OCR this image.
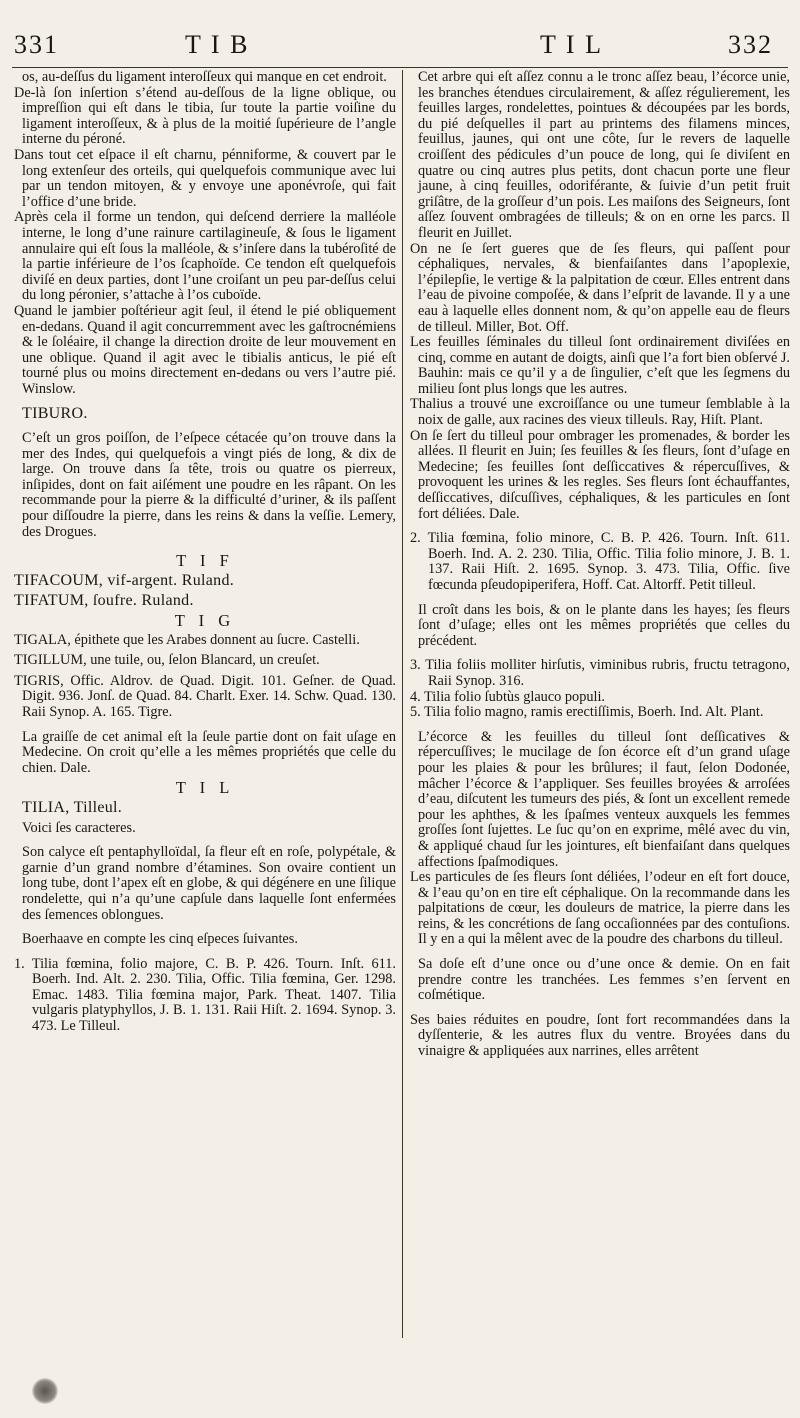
331	T I B	T I L	332

os, au-deſſus du ligament interoſſeux qui manque en cet endroit.

De-là ſon inſertion s’étend au-deſſous de la ligne oblique, ou impreſſion qui eſt dans le tibia, ſur toute la partie voiſine du ligament interoſſeux, & à plus de la moitié ſupérieure de l’angle interne du péroné.

Dans tout cet eſpace il eſt charnu, pénniforme, & couvert par le long extenſeur des orteils, qui quelquefois communique avec lui par un tendon mitoyen, & y envoye une aponévroſe, qui fait l’office d’une bride.

Après cela il forme un tendon, qui deſcend derriere la malléole interne, le long d’une rainure cartilagineuſe, & ſous le ligament annulaire qui eſt ſous la malléole, & s’inſere dans la tubéroſité de la partie inférieure de l’os ſcaphoïde. Ce tendon eſt quelquefois diviſé en deux parties, dont l’une croiſant un peu par-deſſus celui du long péronier, s’attache à l’os cuboïde.

Quand le jambier poſtérieur agit ſeul, il étend le pié obliquement en-dedans. Quand il agit concurremment avec les gaſtrocnémiens & le ſoléaire, il change la direction droite de leur mouvement en une oblique. Quand il agit avec le tibialis anticus, le pié eſt tourné plus ou moins directement en-dedans ou vers l’autre pié. Winslow.

TIBURO.

C’eſt un gros poiſſon, de l’eſpece cétacée qu’on trouve dans la mer des Indes, qui quelquefois a vingt piés de long, & dix de large. On trouve dans ſa tête, trois ou quatre os pierreux, inſipides, dont on fait aiſément une poudre en les râpant. On les recommande pour la pierre & la difficulté d’uriner, & ils paſſent pour diſſoudre la pierre, dans les reins & dans la veſſie. Lemery, des Drogues.

T I F

TIFACOUM, vif-argent. Ruland.

TIFATUM, ſoufre. Ruland.

T I G

TIGALA, épithete que les Arabes donnent au ſucre. Castelli.

TIGILLUM, une tuile, ou, ſelon Blancard, un creuſet.

TIGRIS, Offic. Aldrov. de Quad. Digit. 101. Geſner. de Quad. Digit. 936. Jonſ. de Quad. 84. Charlt. Exer. 14. Schw. Quad. 130. Raii Synop. A. 165. Tigre.

La graiſſe de cet animal eſt la ſeule partie dont on fait uſage en Medecine. On croit qu’elle a les mêmes propriétés que celle du chien. Dale.

T I L

TILIA, Tilleul.

Voici ſes caracteres.

Son calyce eſt pentaphylloïdal, ſa fleur eſt en roſe, polypétale, & garnie d’un grand nombre d’étamines. Son ovaire contient un long tube, dont l’apex eſt en globe, & qui dégénere en une ſilique rondelette, qui n’a qu’une capſule dans laquelle ſont enfermées des ſemences oblongues.

Boerhaave en compte les cinq eſpeces ſuivantes.

1. Tilia fœmina, folio majore, C. B. P. 426. Tourn. Inſt. 611. Boerh. Ind. Alt. 2. 230. Tilia, Offic. Tilia fœmina, Ger. 1298. Emac. 1483. Tilia fœmina major, Park. Theat. 1407. Tilia vulgaris platyphyllos, J. B. 1. 131. Raii Hiſt. 2. 1694. Synop. 3. 473. Le Tilleul.

Cet arbre qui eſt aſſez connu a le tronc aſſez beau, l’écorce unie, les branches étendues circulairement, & aſſez régulierement, les feuilles larges, rondelettes, pointues & découpées par les bords, du pié deſquelles il part au printems des filamens minces, feuillus, jaunes, qui ont une côte, ſur le revers de laquelle croiſſent des pédicules d’un pouce de long, qui ſe diviſent en quatre ou cinq autres plus petits, dont chacun porte une fleur jaune, à cinq feuilles, odoriférante, & ſuivie d’un petit fruit griſâtre, de la groſſeur d’un pois. Les maiſons des Seigneurs, ſont aſſez ſouvent ombragées de tilleuls; & on en orne les parcs. Il fleurit en Juillet.

On ne ſe ſert gueres que de ſes fleurs, qui paſſent pour céphaliques, nervales, & bienfaiſantes dans l’apoplexie, l’épilepſie, le vertige & la palpitation de cœur. Elles entrent dans l’eau de pivoine compoſée, & dans l’eſprit de lavande. Il y a une eau à laquelle elles donnent nom, & qu’on appelle eau de fleurs de tilleul. Miller, Bot. Off.

Les feuilles ſéminales du tilleul ſont ordinairement diviſées en cinq, comme en autant de doigts, ainſi que l’a fort bien obſervé J. Bauhin: mais ce qu’il y a de ſingulier, c’eſt que les ſegmens du milieu ſont plus longs que les autres.

Thalius a trouvé une excroiſſance ou une tumeur ſemblable à la noix de galle, aux racines des vieux tilleuls. Ray, Hiſt. Plant.

On ſe ſert du tilleul pour ombrager les promenades, & border les allées. Il fleurit en Juin; ſes feuilles & ſes fleurs, ſont d’uſage en Medecine; ſes feuilles ſont deſſiccatives & répercuſſives, & provoquent les urines & les regles. Ses fleurs ſont échauffantes, deſſiccatives, diſcuſſives, céphaliques, & les particules en ſont fort déliées. Dale.

2. Tilia fœmina, folio minore, C. B. P. 426. Tourn. Inſt. 611. Boerh. Ind. A. 2. 230. Tilia, Offic. Tilia folio minore, J. B. 1. 137. Raii Hiſt. 2. 1695. Synop. 3. 473. Tilia, Offic. ſive fœcunda pſeudopiperifera, Hoff. Cat. Altorff. Petit tilleul.

Il croît dans les bois, & on le plante dans les hayes; ſes fleurs ſont d’uſage; elles ont les mêmes propriétés que celles du précédent.

3. Tilia foliis molliter hirſutis, viminibus rubris, fructu tetragono, Raii Synop. 316.

4. Tilia folio ſubtùs glauco populi.

5. Tilia folio magno, ramis erectiſſimis, Boerh. Ind. Alt. Plant.

L’écorce & les feuilles du tilleul ſont deſſicatives & répercuſſives; le mucilage de ſon écorce eſt d’un grand uſage pour les plaies & pour les brûlures; il faut, ſelon Dodonée, mâcher l’écorce & l’appliquer. Ses feuilles broyées & arroſées d’eau, diſcutent les tumeurs des piés, & ſont un excellent remede pour les aphthes, & les ſpaſmes venteux auxquels les femmes groſſes ſont ſujettes. Le ſuc qu’on en exprime, mêlé avec du vin, & appliqué chaud ſur les jointures, eſt bienfaiſant dans quelques affections ſpaſmodiques.

Les particules de ſes fleurs ſont déliées, l’odeur en eſt fort douce, & l’eau qu’on en tire eſt céphalique. On la recommande dans les palpitations de cœur, les douleurs de matrice, la pierre dans les reins, & les concrétions de ſang occaſionnées par des contuſions. Il y en a qui la mêlent avec de la poudre des charbons du tilleul.

Sa doſe eſt d’une once ou d’une once & demie. On en fait prendre contre les tranchées. Les femmes s’en ſervent en coſmétique.

Ses baies réduites en poudre, ſont fort recommandées dans la dyſſenterie, & les autres flux du ventre. Broyées dans du vinaigre & appliquées aux narrines, elles arrêtent
